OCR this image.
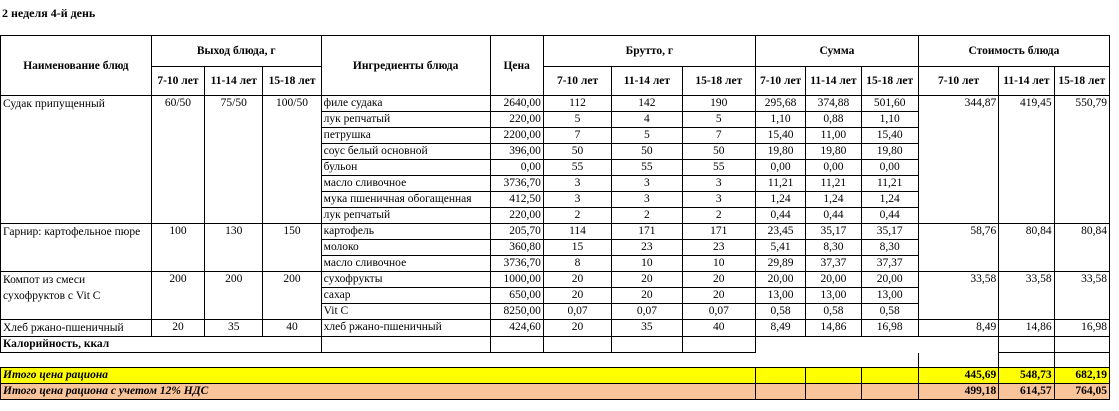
2 неделя 4-й день
Наименование блюд	Выход блюда, г			Ингредиенты блюда	Цена	Брутто, г			Сумма			Стоимость блюда		
	7-10 лет	11-14 лет	15-18 лет			7-10 лет	11-14 лет	15-18 лет	7-10 лет	11-14 лет	15-18 лет	7-10 лет	11-14 лет	15-18 лет
Судак припущенный	60/50	75/50	100/50	филе судака	2640,00	112	142	190	295,68	374,88	501,60	344,87	419,45	550,79
				лук репчатый	220,00	5	4	5	1,10	0,88	1,10			
				петрушка	2200,00	7	5	7	15,40	11,00	15,40			
				соус белый основной	396,00	50	50	50	19,80	19,80	19,80			
				бульон	0,00	55	55	55	0,00	0,00	0,00			
				масло сливочное	3736,70	3	3	3	11,21	11,21	11,21			
				мука пшеничная обогащенная	412,50	3	3	3	1,24	1,24	1,24			
				лук репчатый	220,00	2	2	2	0,44	0,44	0,44			
Гарнир: картофельное пюре	100	130	150	картофель	205,70	114	171	171	23,45	35,17	35,17	58,76	80,84	80,84
				молоко	360,80	15	23	23	5,41	8,30	8,30			
				масло сливочное	3736,70	8	10	10	29,89	37,37	37,37			
Компот из смеси сухофруктов с Vit C	200	200	200	сухофрукты	1000,00	20	20	20	20,00	20,00	20,00	33,58	33,58	33,58
				сахар	650,00	20	20	20	13,00	13,00	13,00			
				Vit C	8250,00	0,07	0,07	0,07	0,58	0,58	0,58			
Хлеб ржано-пшеничный	20	35	40	хлеб ржано-пшеничный	424,60	20	35	40	8,49	14,86	16,98	8,49	14,86	16,98
Калорийность, ккал														

Итого цена рациона												445,69	548,73	682,19
Итого цена рациона с учетом 12% НДС												499,18	614,57	764,05
